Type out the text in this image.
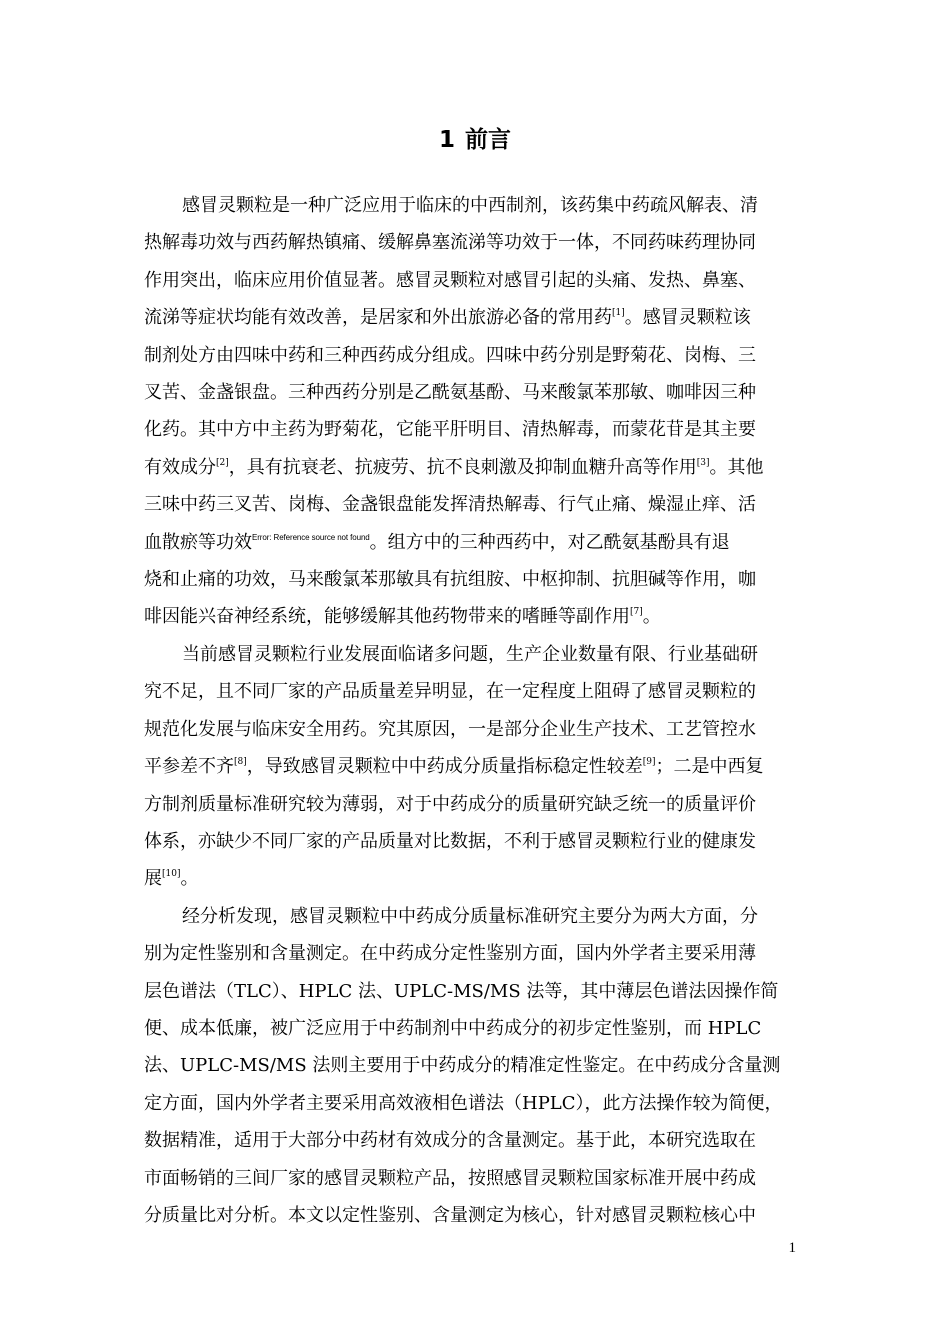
1 前言
感冒灵颗粒是一种广泛应用于临床的中西制剂，该药集中药疏风解表、清
热解毒功效与西药解热镇痛、缓解鼻塞流涕等功效于一体，不同药味药理协同
作用突出，临床应用价值显著。感冒灵颗粒对感冒引起的头痛、发热、鼻塞、
流涕等症状均能有效改善，是居家和外出旅游必备的常用药[1]。感冒灵颗粒该
制剂处方由四味中药和三种西药成分组成。四味中药分别是野菊花、岗梅、三
叉苦、金盏银盘。三种西药分别是乙酰氨基酚、马来酸氯苯那敏、咖啡因三种
化药。其中方中主药为野菊花，它能平肝明目、清热解毒，而蒙花苷是其主要
有效成分[2]，具有抗衰老、抗疲劳、抗不良刺激及抑制血糖升高等作用[3]。其他
三味中药三叉苦、岗梅、金盏银盘能发挥清热解毒、行气止痛、燥湿止痒、活
血散瘀等功效$^{Error: Reference source not found}$。组方中的三种西药中，对乙酰氨基酚具有退
烧和止痛的功效，马来酸氯苯那敏具有抗组胺、中枢抑制、抗胆碱等作用，咖
啡因能兴奋神经系统，能够缓解其他药物带来的嗜睡等副作用[7]。
当前感冒灵颗粒行业发展面临诸多问题，生产企业数量有限、行业基础研
究不足，且不同厂家的产品质量差异明显，在一定程度上阻碍了感冒灵颗粒的
规范化发展与临床安全用药。究其原因，一是部分企业生产技术、工艺管控水
平参差不齐[8]，导致感冒灵颗粒中中药成分质量指标稳定性较差[9]；二是中西复
方制剂质量标准研究较为薄弱，对于中药成分的质量研究缺乏统一的质量评价
体系，亦缺少不同厂家的产品质量对比数据，不利于感冒灵颗粒行业的健康发
展[10]。
经分析发现，感冒灵颗粒中中药成分质量标准研究主要分为两大方面，分
别为定性鉴别和含量测定。在中药成分定性鉴别方面，国内外学者主要采用薄
层色谱法（TLC）、HPLC 法、UPLC-MS/MS 法等，其中薄层色谱法因操作简
便、成本低廉，被广泛应用于中药制剂中中药成分的初步定性鉴别，而 HPLC
法、UPLC-MS/MS 法则主要用于中药成分的精准定性鉴定。在中药成分含量测
定方面，国内外学者主要采用高效液相色谱法（HPLC），此方法操作较为简便，
数据精准，适用于大部分中药材有效成分的含量测定。基于此，本研究选取在
市面畅销的三间厂家的感冒灵颗粒产品，按照感冒灵颗粒国家标准开展中药成
分质量比对分析。本文以定性鉴别、含量测定为核心，针对感冒灵颗粒核心中
1
